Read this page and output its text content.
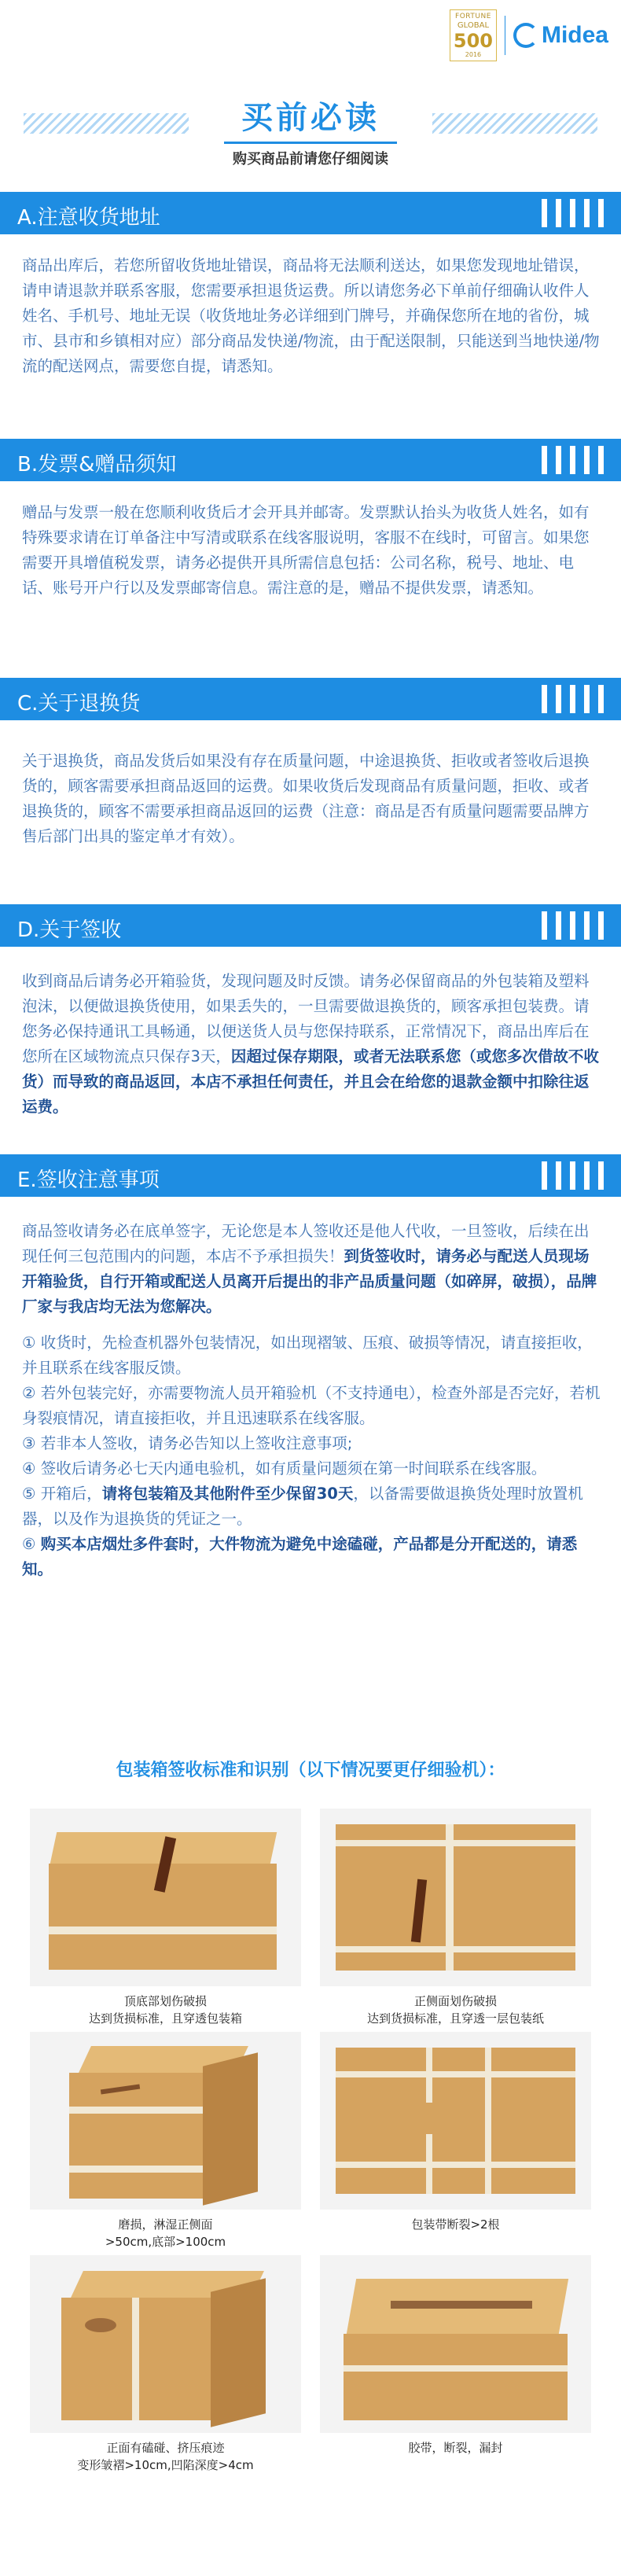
FORTUNE
GLOBAL
500
2016
Midea
买前必读
购买商品前请您仔细阅读
A.注意收货地址
商品出库后，若您所留收货地址错误，商品将无法顺利送达，如果您发现地址错误，请申请退款并联系客服，您需要承担退货运费。所以请您务必下单前仔细确认收件人姓名、手机号、地址无误（收货地址务必详细到门牌号，并确保您所在地的省份，城市、县市和乡镇相对应）部分商品发快递/物流，由于配送限制，只能送到当地快递/物流的配送网点，需要您自提，请悉知。
B.发票&赠品须知
赠品与发票一般在您顺利收货后才会开具并邮寄。发票默认抬头为收货人姓名，如有特殊要求请在订单备注中写清或联系在线客服说明，客服不在线时，可留言。如果您需要开具增值税发票，请务必提供开具所需信息包括：公司名称，税号、地址、电话、账号开户行以及发票邮寄信息。需注意的是，赠品不提供发票，请悉知。
C.关于退换货
关于退换货，商品发货后如果没有存在质量问题，中途退换货、拒收或者签收后退换货的，顾客需要承担商品返回的运费。如果收货后发现商品有质量问题，拒收、或者退换货的，顾客不需要承担商品返回的运费（注意：商品是否有质量问题需要品牌方售后部门出具的鉴定单才有效）。
D.关于签收
收到商品后请务必开箱验货，发现问题及时反馈。请务必保留商品的外包装箱及塑料泡沫，以便做退换货使用，如果丢失的，一旦需要做退换货的，顾客承担包装费。请您务必保持通讯工具畅通，以便送货人员与您保持联系，正常情况下，商品出库后在您所在区域物流点只保存3天，因超过保存期限，或者无法联系您（或您多次借故不收货）而导致的商品返回，本店不承担任何责任，并且会在给您的退款金额中扣除往返运费。
E.签收注意事项
商品签收请务必在底单签字，无论您是本人签收还是他人代收，一旦签收，后续在出现任何三包范围内的问题，本店不予承担损失！到货签收时，请务必与配送人员现场开箱验货，自行开箱或配送人员离开后提出的非产品质量问题（如碎屏，破损），品牌厂家与我店均无法为您解决。
① 收货时，先检查机器外包装情况，如出现褶皱、压痕、破损等情况，请直接拒收，并且联系在线客服反馈。
② 若外包装完好，亦需要物流人员开箱验机（不支持通电），检查外部是否完好，若机身裂痕情况，请直接拒收，并且迅速联系在线客服。
③ 若非本人签收，请务必告知以上签收注意事项;
④ 签收后请务必七天内通电验机，如有质量问题须在第一时间联系在线客服。
⑤ 开箱后，请将包装箱及其他附件至少保留30天，以备需要做退换货处理时放置机器，以及作为退换货的凭证之一。
⑥ 购买本店烟灶多件套时，大件物流为避免中途磕碰，产品都是分开配送的，请悉知。
包装箱签收标准和识别（以下情况要更仔细验机）：
顶底部划伤破损
达到货损标准，且穿透包装箱
正侧面划伤破损
达到货损标准，且穿透一层包装纸
磨损，淋湿正侧面
>50cm,底部>100cm
包装带断裂>2根
正面有磕碰、挤压痕迹
变形皱褶>10cm,凹陷深度>4cm
胶带，断裂，漏封
